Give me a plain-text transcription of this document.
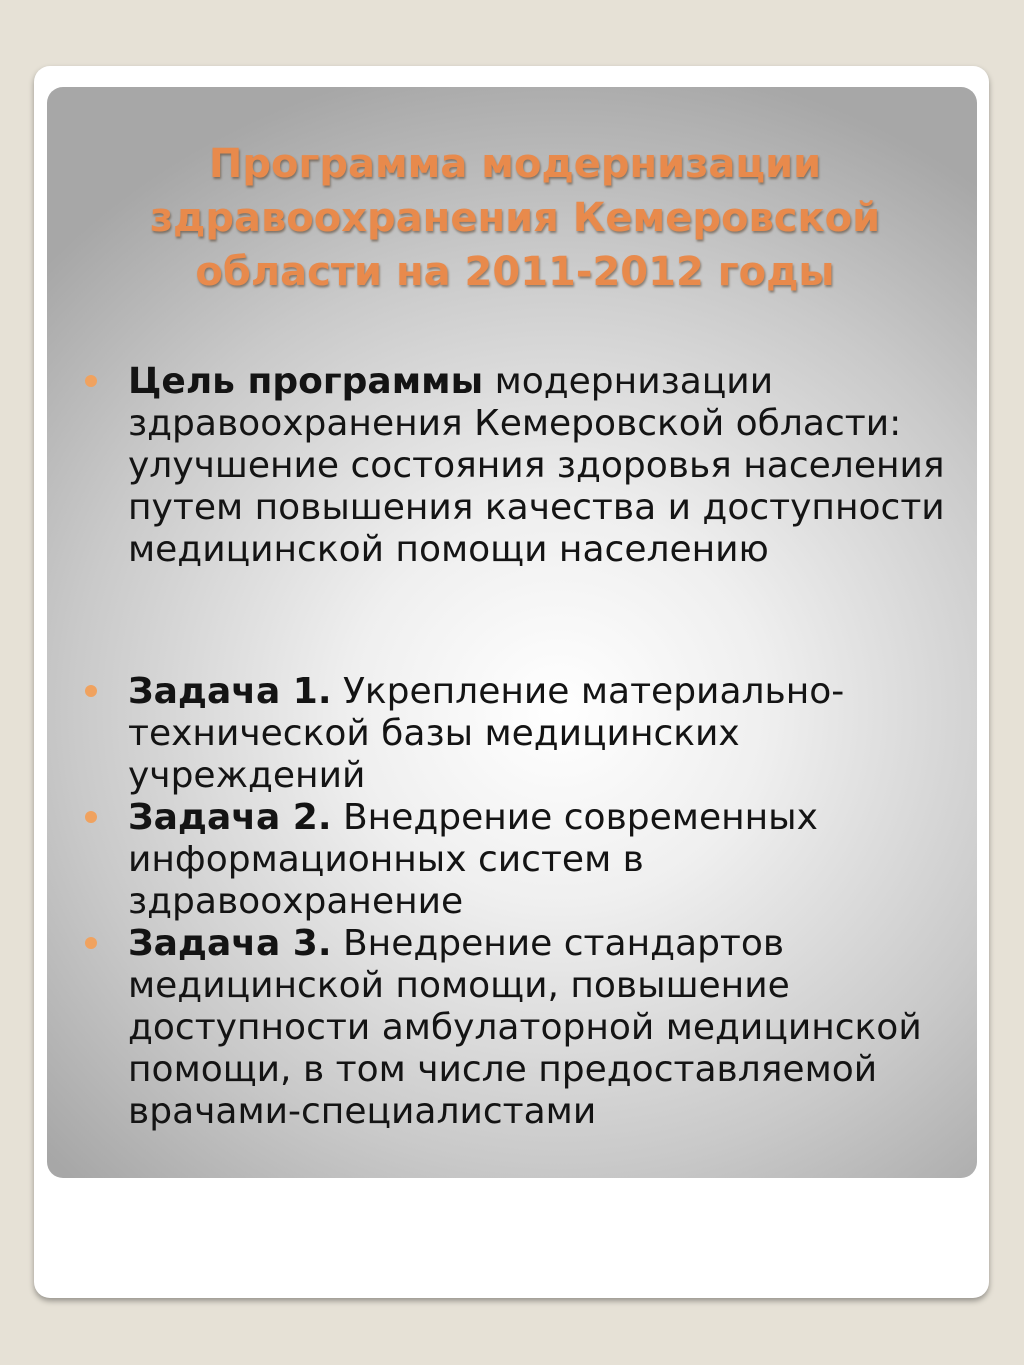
Программа модернизации здравоохранения Кемеровской области на 2011-2012 годы
Цель программы модернизации здравоохранения Кемеровской области: улучшение состояния здоровья населения путем повышения качества и доступности медицинской помощи населению
Задача 1. Укрепление материально-технической базы медицинских учреждений
Задача 2. Внедрение современных информационных систем в здравоохранение
Задача 3. Внедрение стандартов медицинской помощи, повышение доступности амбулаторной медицинской помощи, в том числе предоставляемой врачами-специалистами
